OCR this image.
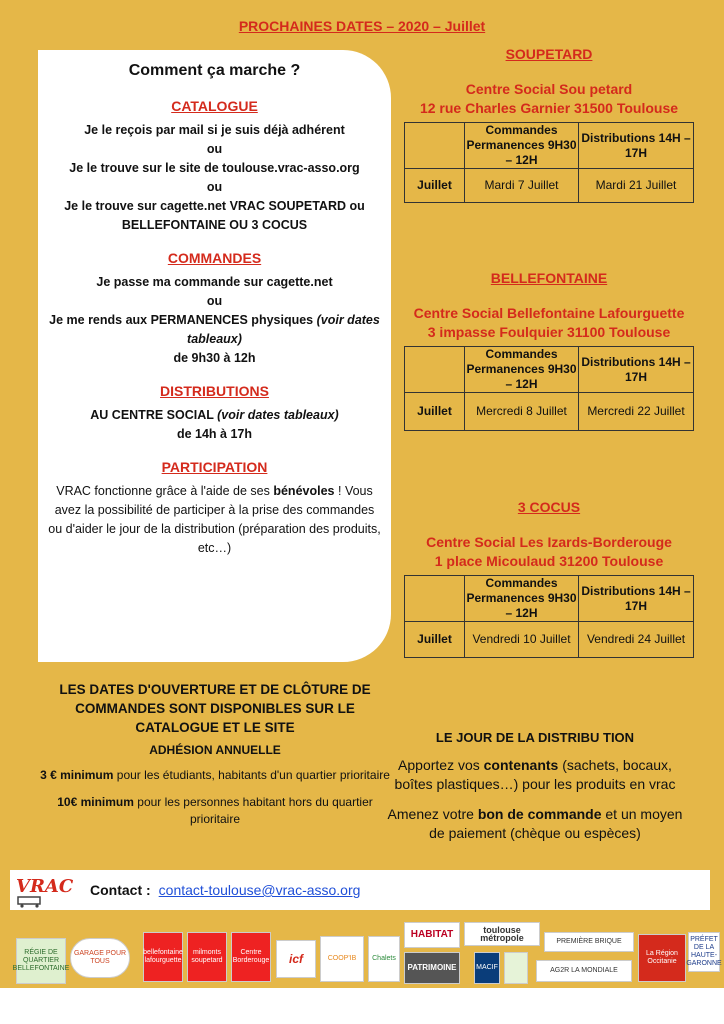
PROCHAINES DATES – 2020 – Juillet
Comment ça marche ?
CATALOGUE
Je le reçois par mail si je suis déjà adhérent
ou
Je le trouve sur le site de toulouse.vrac-asso.org
ou
Je le trouve sur cagette.net VRAC SOUPETARD ou
BELLEFONTAINE OU 3 COCUS
COMMANDES
Je passe ma commande sur cagette.net
ou
Je me rends aux PERMANENCES physiques (voir dates tableaux)
de 9h30 à 12h
DISTRIBUTIONS
AU CENTRE SOCIAL (voir dates tableaux)
de 14h à 17h
PARTICIPATION
VRAC fonctionne grâce à l'aide de ses bénévoles ! Vous avez la possibilité de participer à la prise des commandes ou d'aider le jour de la distribution (préparation des produits, etc…)
SOUPETARD
Centre Social Sou petard
12 rue Charles Garnier 31500 Toulouse
	Commandes Permanences 9H30 – 12H	Distributions 14H – 17H
Juillet	Mardi 7 Juillet	Mardi 21 Juillet
BELLEFONTAINE
Centre Social Bellefontaine Lafourguette
3 impasse Foulquier 31100 Toulouse
	Commandes Permanences 9H30 – 12H	Distributions 14H – 17H
Juillet	Mercredi 8 Juillet	Mercredi 22 Juillet
3 COCUS
Centre Social Les Izards-Borderouge
1 place Micoulaud 31200 Toulouse
	Commandes Permanences 9H30 – 12H	Distributions 14H – 17H
Juillet	Vendredi 10 Juillet	Vendredi 24 Juillet
LES DATES D'OUVERTURE ET DE CLÔTURE DE COMMANDES SONT DISPONIBLES SUR LE CATALOGUE ET LE SITE
ADHÉSION ANNUELLE
3 € minimum pour les étudiants, habitants d'un quartier prioritaire
10€ minimum pour les personnes habitant hors du quartier prioritaire
LE JOUR DE LA DISTRIBU TION
Apportez vos contenants (sachets, bocaux, boîtes plastiques…) pour les produits en vrac
Amenez votre bon de commande et un moyen de paiement (chèque ou espèces)
VRAC Contact : contact-toulouse@vrac-asso.org
RÉGIE DE QUARTIER BELLEFONTAINE
GARAGE POUR TOUS
bellefontaine lafourguette
milmonts soupetard
Centre Borderouge	icf	COOP'IB	Chalets
HABITAT
PATRIMOINE
toulouse métropole
MACIF
PREMIÈRE BRIQUE
AG2R LA MONDIALE
La Région Occitanie
PRÉFET DE LA HAUTE-GARONNE
